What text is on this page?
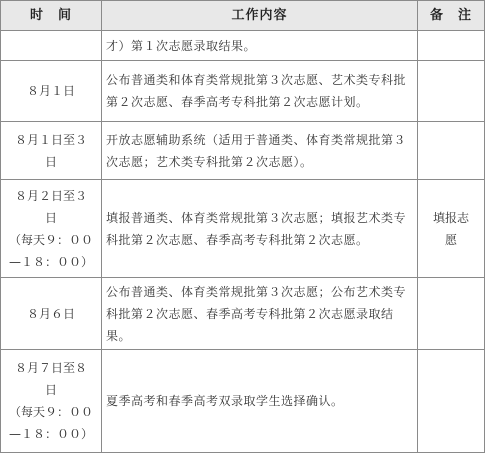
时　间	工作内容	备　注

	才）第１次志愿录取结果。	

８月１日	公布普通类和体育类常规批第３次志愿、艺术类专科批第２次志愿、春季高考专科批第２次志愿计划。	

８月１日至３
日	开放志愿辅助系统（适用于普通类、体育类常规批第３次志愿；艺术类专科批第２次志愿）。	

８月２日至３
日
（每天９：００
—１８：００）	填报普通类、体育类常规批第３次志愿；填报艺术类专科批第２次志愿、春季高考专科批第２次志愿。	填报志
愿

８月６日	公布普通类、体育类常规批第３次志愿；公布艺术类专科批第２次志愿、春季高考专科批第２次志愿录取结果。	

８月７日至８
日
（每天９：００
—１８：００）	夏季高考和春季高考双录取学生选择确认。	
